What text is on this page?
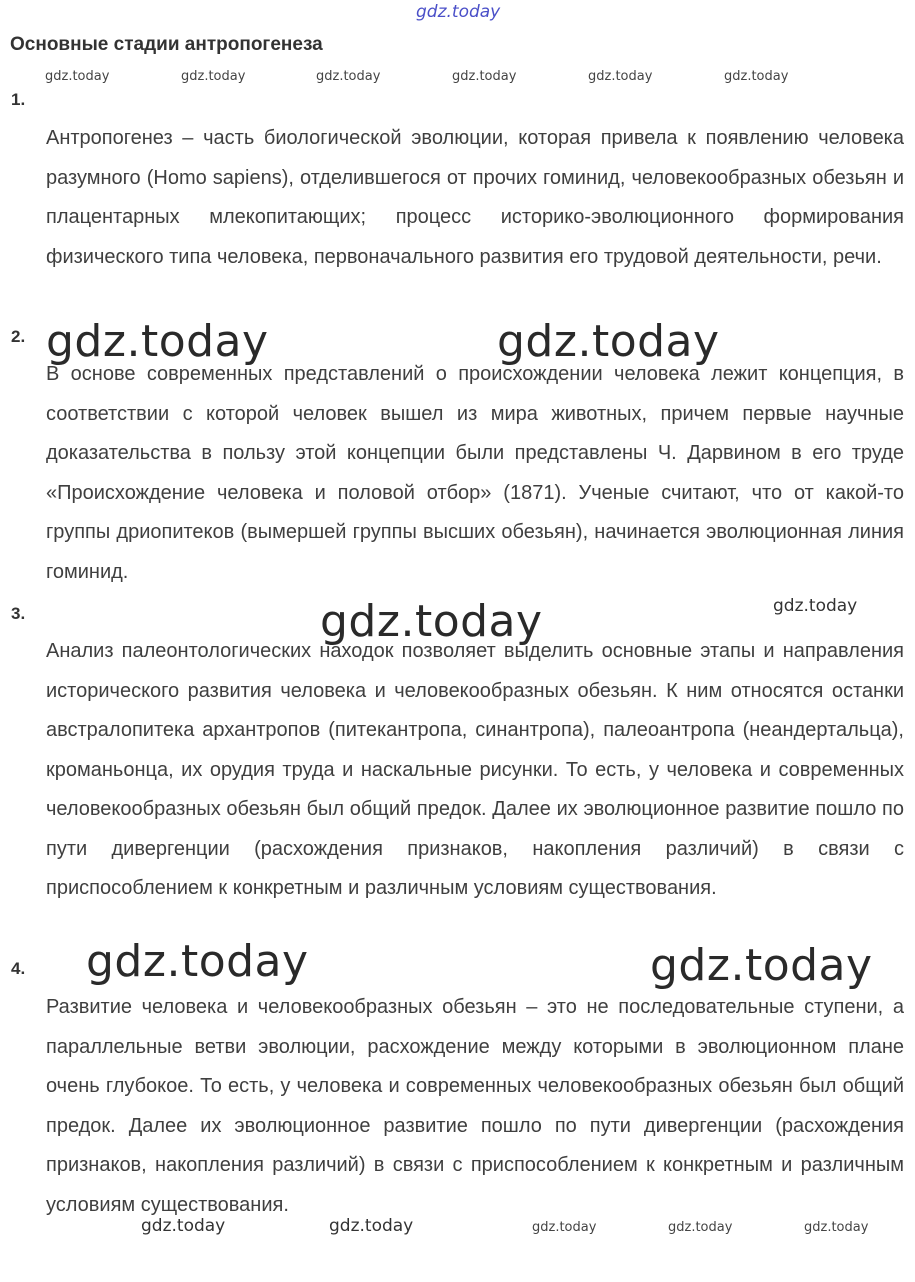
gdz.today
gdz.today	gdz.today	gdz.today	gdz.today	gdz.today	gdz.today
gdz.today	gdz.today
gdz.today	gdz.today
gdz.today	gdz.today
gdz.today	gdz.today	gdz.today	gdz.today	gdz.today
Основные стадии антропогенеза
1.

Антропогенез – часть биологической эволюции, которая привела к появлению человека разумного (Homo sapiens), отделившегося от прочих гоминид, человекообразных обезьян и плацентарных млекопитающих; процесс историко-эволюционного формирования физического типа человека, первоначального развития его трудовой деятельности, речи.

2.

В основе современных представлений о происхождении человека лежит концепция, в соответствии с которой человек вышел из мира животных, причем первые научные доказательства в пользу этой концепции были представлены Ч. Дарвином в его труде «Происхождение человека и половой отбор» (1871). Ученые считают, что от какой-то группы дриопитеков (вымершей группы высших обезьян), начинается эволюционная линия гоминид.

3.

Анализ палеонтологических находок позволяет выделить основные этапы и направления исторического развития человека и человекообразных обезьян. К ним относятся останки австралопитека архантропов (питекантропа, синантропа), палеоантропа (неандертальца), кроманьонца, их орудия труда и наскальные рисунки. То есть, у человека и современных человекообразных обезьян был общий предок. Далее их эволюционное развитие пошло по пути дивергенции (расхождения признаков, накопления различий) в связи с приспособлением к конкретным и различным условиям существования.

4.

Развитие человека и человекообразных обезьян – это не последовательные ступени, а параллельные ветви эволюции, расхождение между которыми в эволюционном плане очень глубокое. То есть, у человека и современных человекообразных обезьян был общий предок. Далее их эволюционное развитие пошло по пути дивергенции (расхождения признаков, накопления различий) в связи с приспособлением к конкретным и различным условиям существования.
